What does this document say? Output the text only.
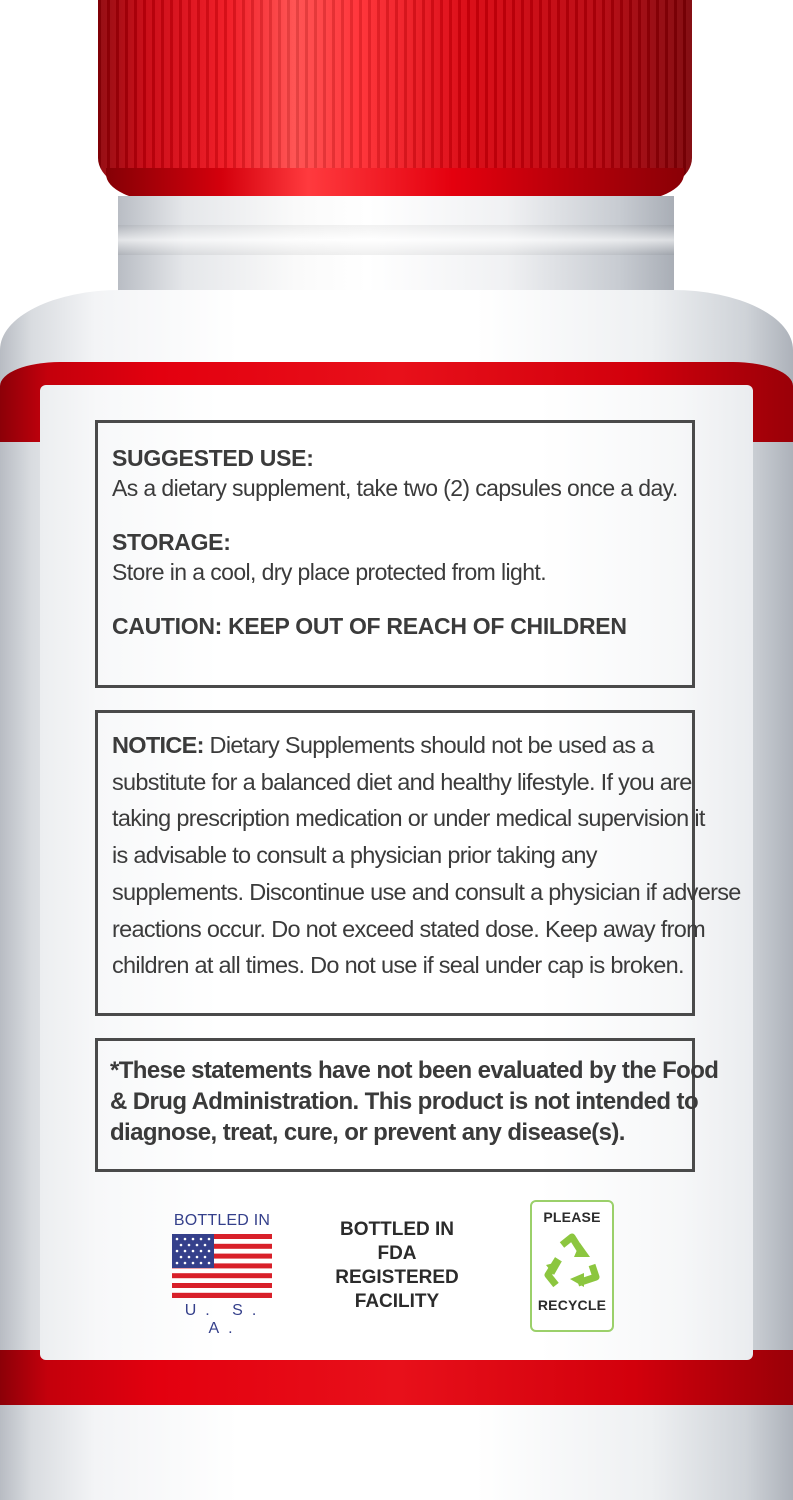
SUGGESTED USE:
As a dietary supplement, take two (2) capsules once a day.
STORAGE:
Store in a cool, dry place protected from light.
CAUTION: KEEP OUT OF REACH OF CHILDREN
NOTICE: Dietary Supplements should not be used as a
substitute for a balanced diet and healthy lifestyle. If you are
taking prescription medication or under medical supervision it
is advisable to consult a physician prior taking any
supplements. Discontinue use and consult a physician if adverse
reactions occur. Do not exceed stated dose. Keep away from
children at all times. Do not use if seal under cap is broken.
*These statements have not been evaluated by the Food
& Drug Administration. This product is not intended to
diagnose, treat, cure, or prevent any disease(s).
BOTTLED IN
U. S. A.
BOTTLED IN
FDA
REGISTERED
FACILITY
PLEASE
RECYCLE
